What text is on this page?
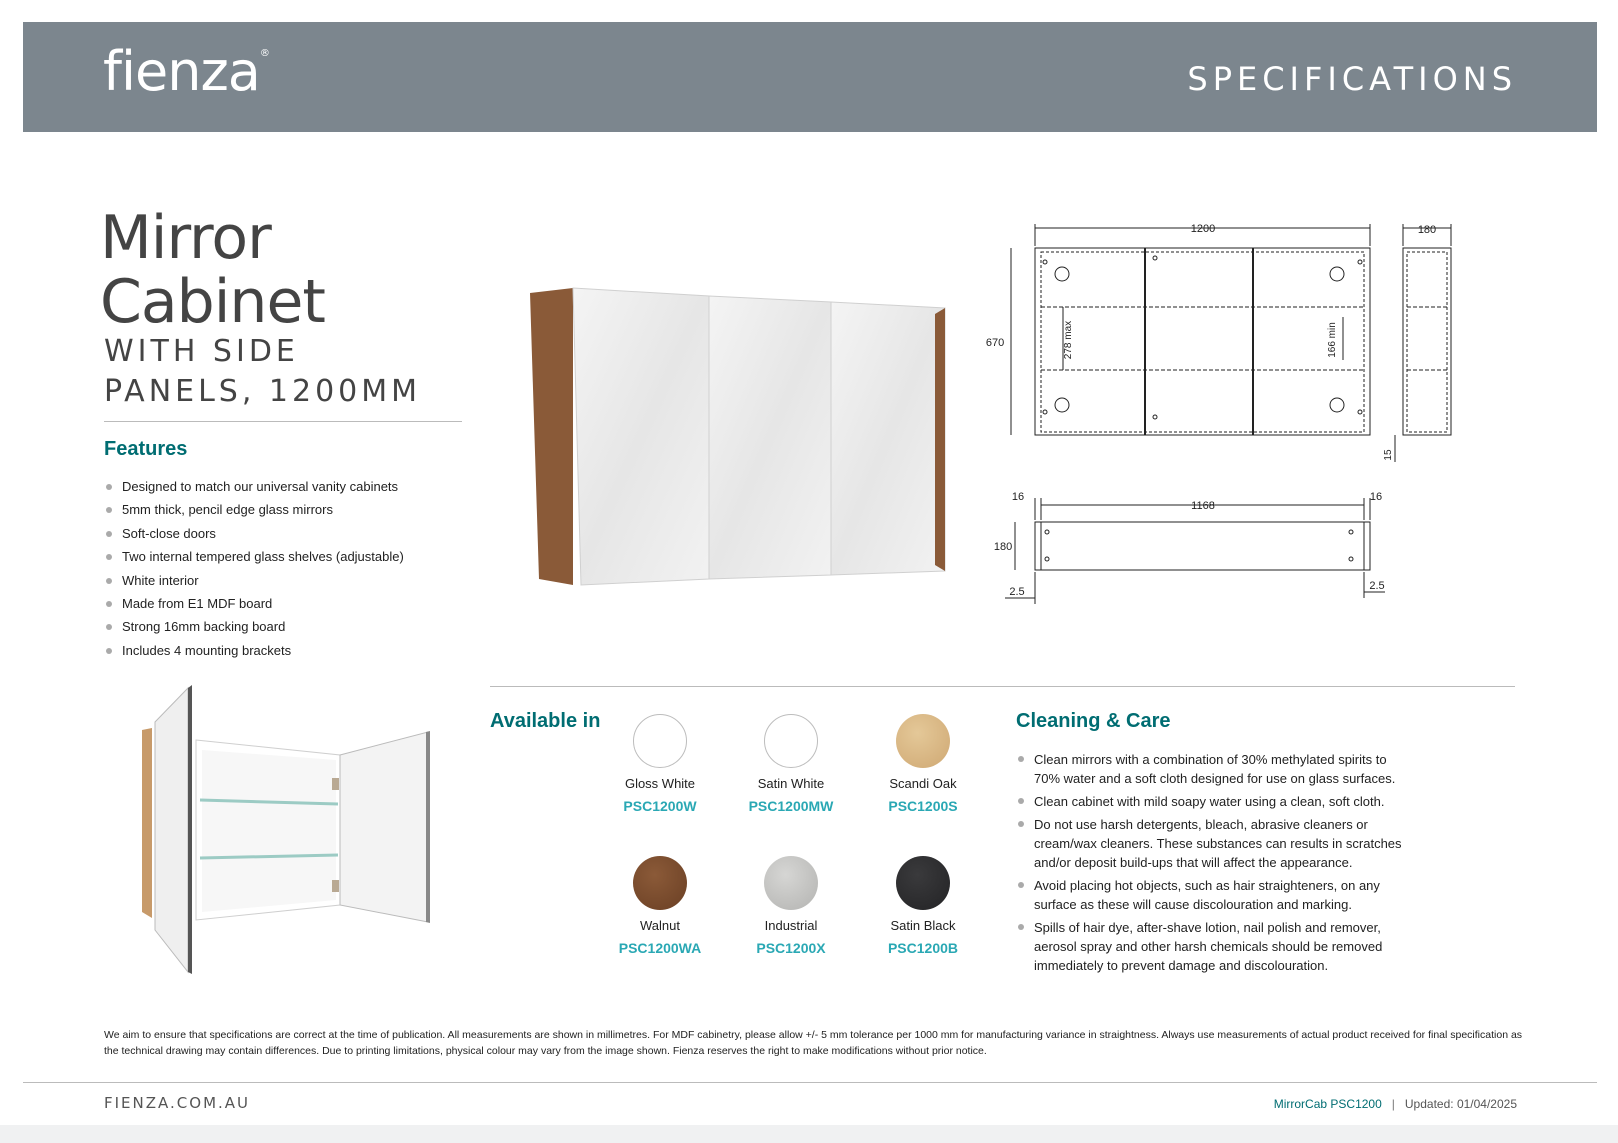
fienza®
SPECIFICATIONS
Mirror
Cabinet
WITH SIDE
PANELS, 1200MM
Features
Designed to match our universal vanity cabinets
5mm thick, pencil edge glass mirrors
Soft-close doors
Two internal tempered glass shelves (adjustable)
White interior
Made from E1 MDF board
Strong 16mm backing board
Includes 4 mounting brackets
1200	180
670	278 max	166 min
15
1168
16	16
180
2.5	2.5
Available in
Gloss White
PSC1200W
Satin White
PSC1200MW
Scandi Oak
PSC1200S
Walnut
PSC1200WA
Industrial
PSC1200X
Satin Black
PSC1200B
Cleaning & Care
Clean mirrors with a combination of 30% methylated spirits to 70% water and a soft cloth designed for use on glass surfaces.
Clean cabinet with mild soapy water using a clean, soft cloth.
Do not use harsh detergents, bleach, abrasive cleaners or cream/wax cleaners. These substances can results in scratches and/or deposit build-ups that will affect the appearance.
Avoid placing hot objects, such as hair straighteners, on any surface as these will cause discolouration and marking.
Spills of hair dye, after-shave lotion, nail polish and remover, aerosol spray and other harsh chemicals should be removed immediately to prevent damage and discolouration.
We aim to ensure that specifications are correct at the time of publication. All measurements are shown in millimetres. For MDF cabinetry, please allow +/- 5 mm tolerance per 1000 mm for manufacturing variance in straightness. Always use measurements of actual product received for final specification as the technical drawing may contain differences. Due to printing limitations, physical colour may vary from the image shown. Fienza reserves the right to make modifications without prior notice.
FIENZA.COM.AU	MirrorCab PSC1200 | Updated: 01/04/2025
